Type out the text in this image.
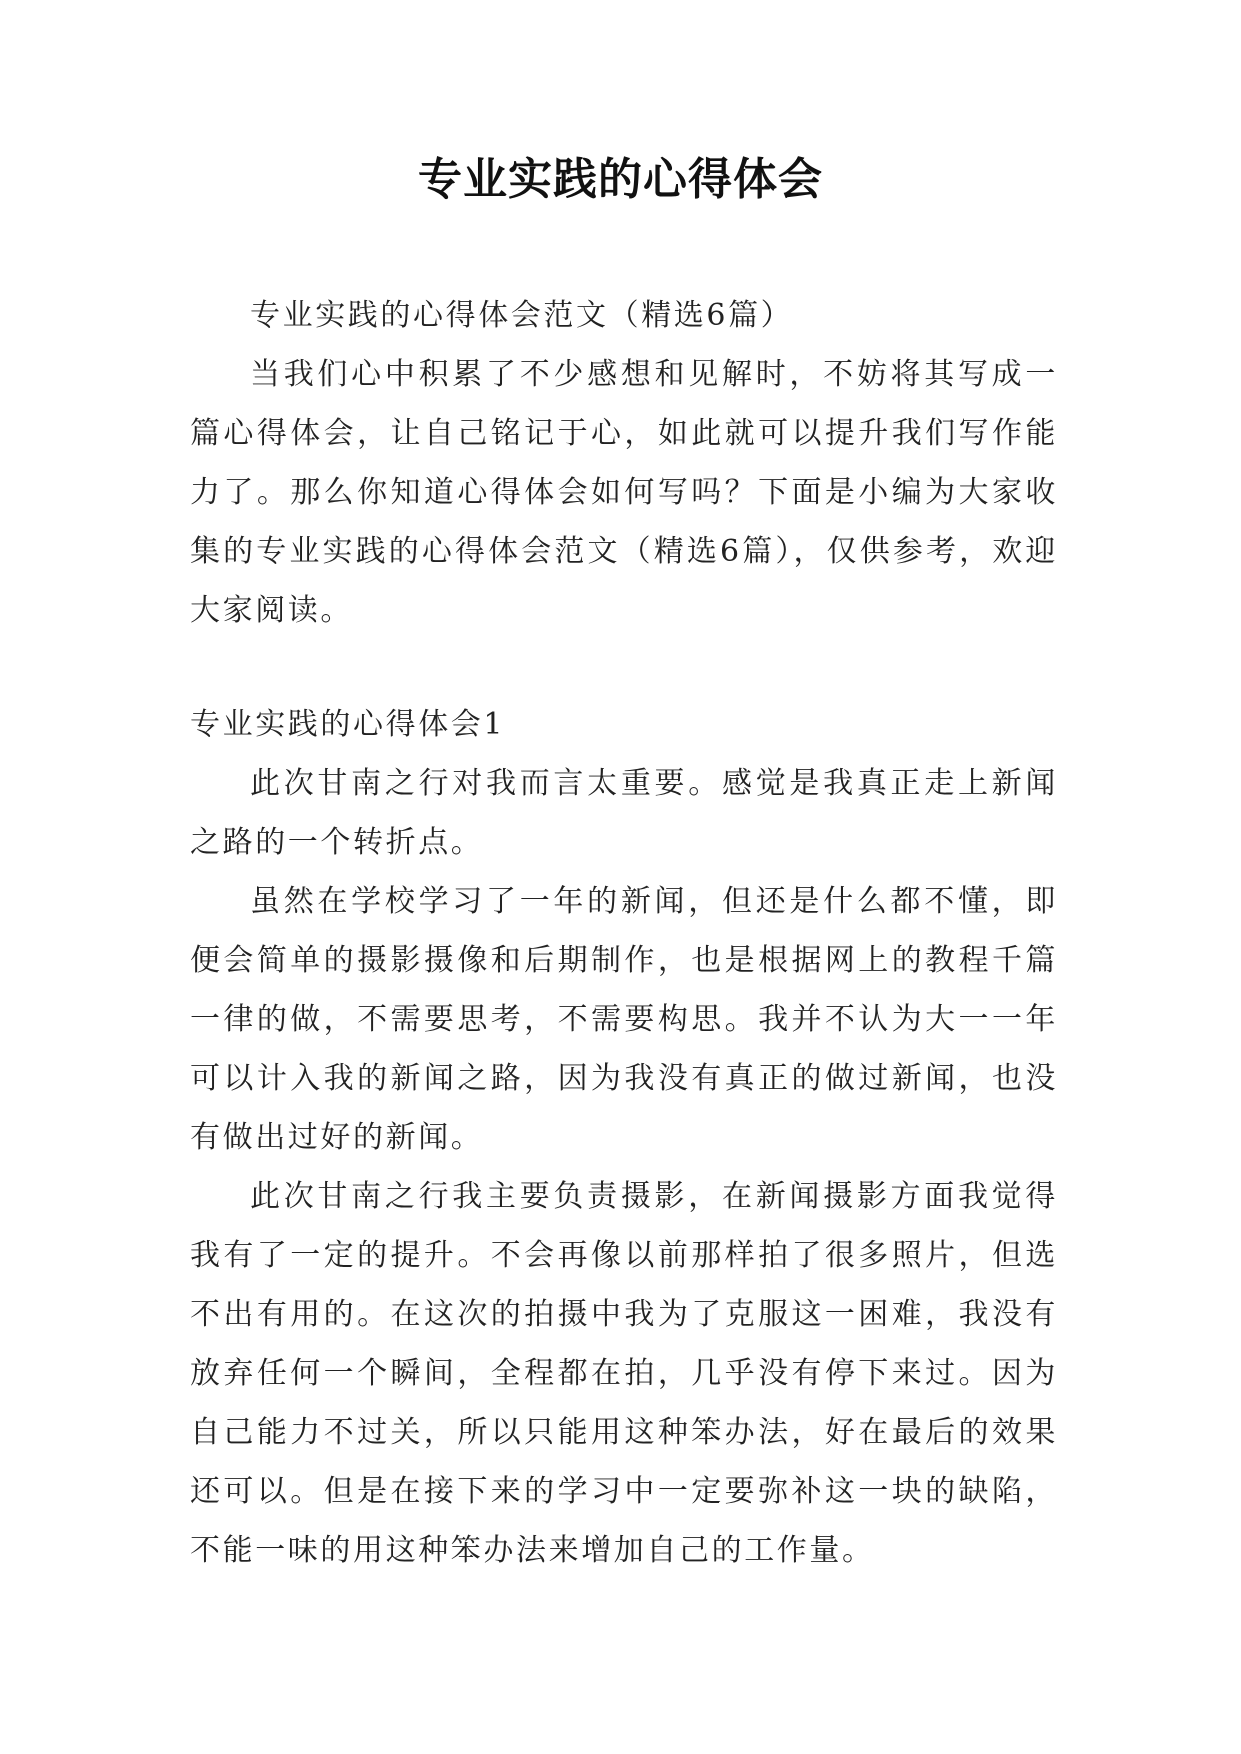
专业实践的心得体会

专业实践的心得体会范文（精选6篇）

当我们心中积累了不少感想和见解时，不妨将其写成一篇心得体会，让自己铭记于心，如此就可以提升我们写作能力了。那么你知道心得体会如何写吗？下面是小编为大家收集的专业实践的心得体会范文（精选6篇），仅供参考，欢迎大家阅读。

专业实践的心得体会1

此次甘南之行对我而言太重要。感觉是我真正走上新闻之路的一个转折点。

虽然在学校学习了一年的新闻，但还是什么都不懂，即便会简单的摄影摄像和后期制作，也是根据网上的教程千篇一律的做，不需要思考，不需要构思。我并不认为大一一年可以计入我的新闻之路，因为我没有真正的做过新闻，也没有做出过好的新闻。

此次甘南之行我主要负责摄影，在新闻摄影方面我觉得我有了一定的提升。不会再像以前那样拍了很多照片，但选不出有用的。在这次的拍摄中我为了克服这一困难，我没有放弃任何一个瞬间，全程都在拍，几乎没有停下来过。因为自己能力不过关，所以只能用这种笨办法，好在最后的效果还可以。但是在接下来的学习中一定要弥补这一块的缺陷，不能一味的用这种笨办法来增加自己的工作量。
